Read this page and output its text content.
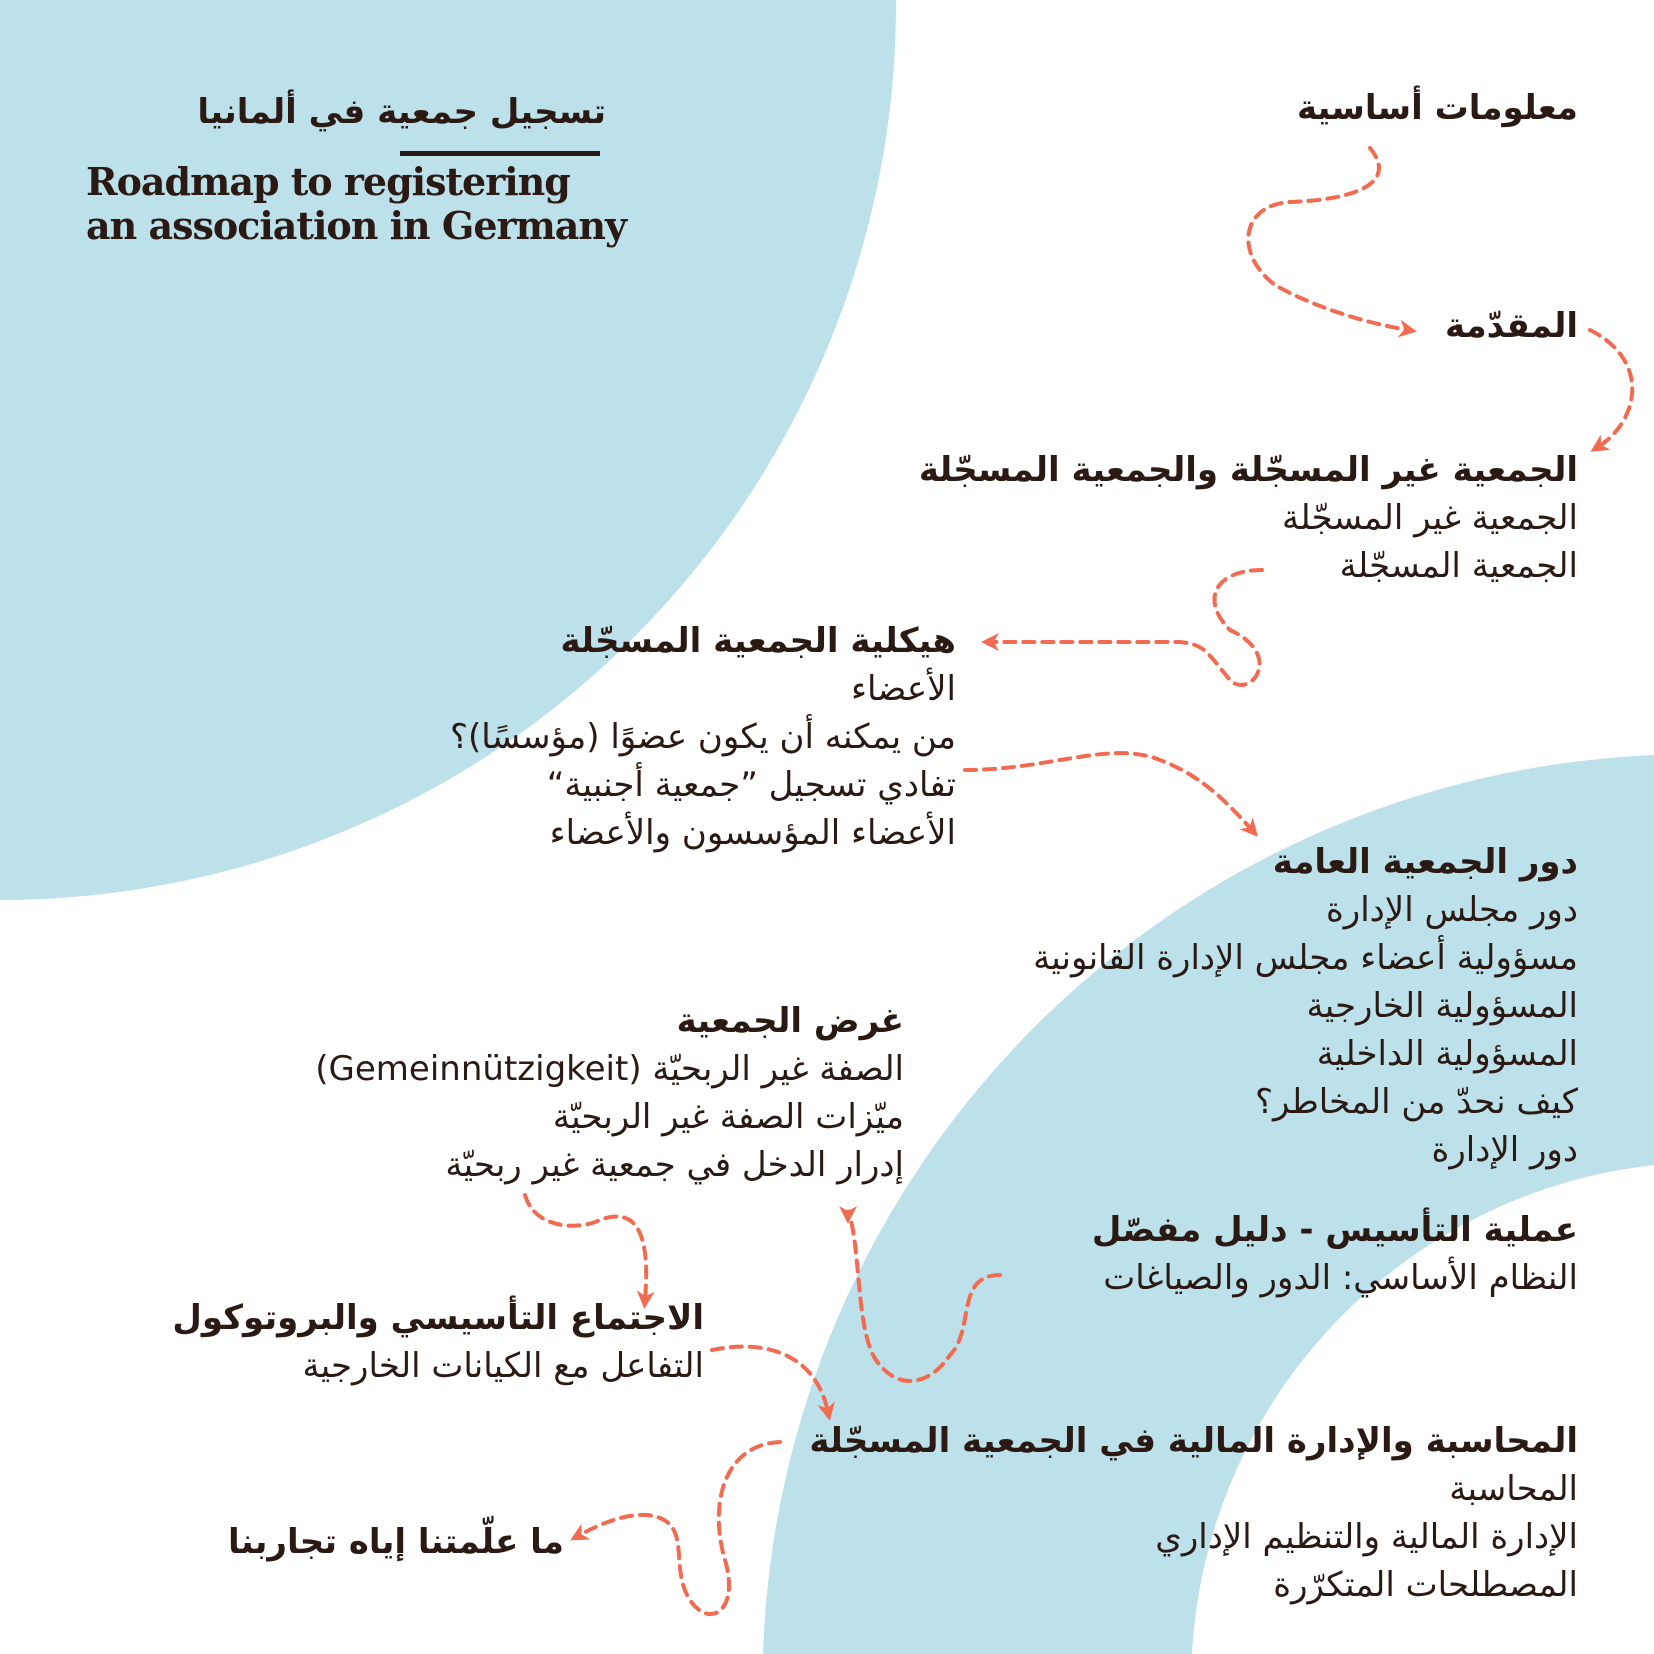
تسجيل جمعية في ألمانيا
Roadmap to registering
an association in Germany
معلومات أساسية
المقدّمة
الجمعية غير المسجّلة والجمعية المسجّلة
الجمعية غير المسجّلة
الجمعية المسجّلة
هيكلية الجمعية المسجّلة
الأعضاء
من يمكنه أن يكون عضوًا (مؤسسًا)؟
تفادي تسجيل ”جمعية أجنبية“
الأعضاء المؤسسون والأعضاء
دور الجمعية العامة
دور مجلس الإدارة
مسؤولية أعضاء مجلس الإدارة القانونية
المسؤولية الخارجية
المسؤولية الداخلية
كيف نحدّ من المخاطر؟
دور الإدارة
غرض الجمعية
الصفة غير الربحيّة (Gemeinnützigkeit)
ميّزات الصفة غير الربحيّة
إدرار الدخل في جمعية غير ربحيّة
عملية التأسيس - دليل مفصّل
النظام الأساسي: الدور والصياغات
الاجتماع التأسيسي والبروتوكول
التفاعل مع الكيانات الخارجية
المحاسبة والإدارة المالية في الجمعية المسجّلة
المحاسبة
الإدارة المالية والتنظيم الإداري
المصطلحات المتكرّرة
ما علّمتنا إياه تجاربنا
